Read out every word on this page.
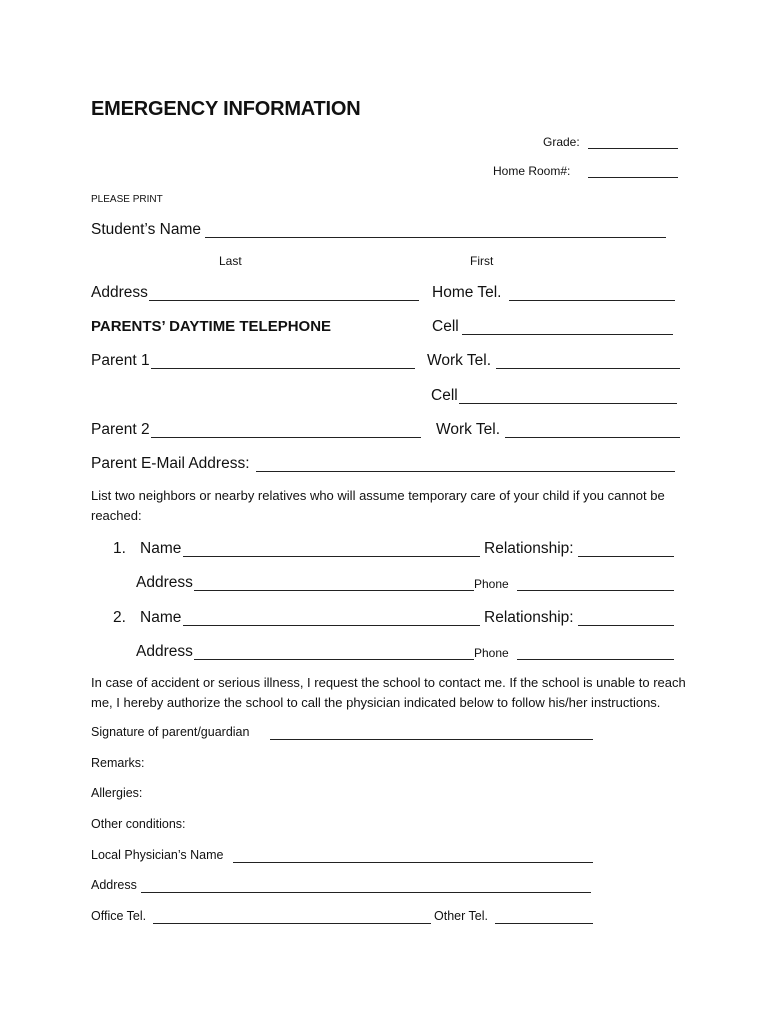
EMERGENCY INFORMATION
Grade:
Home Room#:
PLEASE PRINT
Student’s Name
Last	First
Address	Home Tel.
PARENTS’ DAYTIME TELEPHONE	Cell
Parent 1	Work Tel.
Cell
Parent 2	Work Tel.
Parent E-Mail Address:
List two neighbors or nearby relatives who will assume temporary care of your child if you cannot be reached:
1. Name	Relationship:
Address	Phone
2. Name	Relationship:
Address	Phone
In case of accident or serious illness, I request the school to contact me. If the school is unable to reach me, I hereby authorize the school to call the physician indicated below to follow his/her instructions.
Signature of parent/guardian
Remarks:
Allergies:
Other conditions:
Local Physician’s Name
Address
Office Tel.	Other Tel.
